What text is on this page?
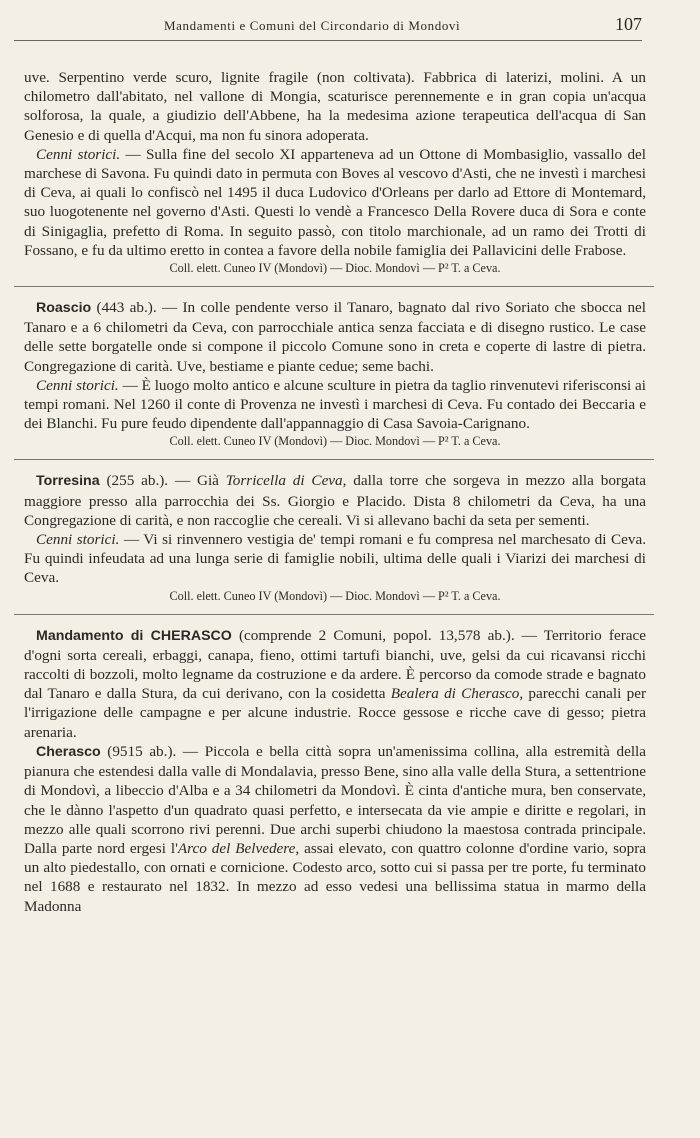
Mandamenti e Comuni del Circondario di Mondovì	107

uve. Serpentino verde scuro, lignite fragile (non coltivata). Fabbrica di laterizi, molini. A un chilometro dall'abitato, nel vallone di Mongia, scaturisce perennemente e in gran copia un'acqua solforosa, la quale, a giudizio dell'Abbene, ha la medesima azione terapeutica dell'acqua di San Genesio e di quella d'Acqui, ma non fu sinora adoperata.

Cenni storici. — Sulla fine del secolo XI apparteneva ad un Ottone di Mombasiglio, vassallo del marchese di Savona. Fu quindi dato in permuta con Boves al vescovo d'Asti, che ne investì i marchesi di Ceva, ai quali lo confiscò nel 1495 il duca Ludovico d'Orleans per darlo ad Ettore di Montemard, suo luogotenente nel governo d'Asti. Questi lo vendè a Francesco Della Rovere duca di Sora e conte di Sinigaglia, prefetto di Roma. In seguito passò, con titolo marchionale, ad un ramo dei Trotti di Fossano, e fu da ultimo eretto in contea a favore della nobile famiglia dei Pallavicini delle Frabose.

Coll. elett. Cuneo IV (Mondovì) — Dioc. Mondovì — P² T. a Ceva.

Roascio (443 ab.). — In colle pendente verso il Tanaro, bagnato dal rivo Soriato che sbocca nel Tanaro e a 6 chilometri da Ceva, con parrocchiale antica senza facciata e di disegno rustico. Le case delle sette borgatelle onde si compone il piccolo Comune sono in creta e coperte di lastre di pietra. Congregazione di carità. Uve, bestiame e piante cedue; seme bachi.

Cenni storici. — È luogo molto antico e alcune sculture in pietra da taglio rinvenutevi riferisconsi ai tempi romani. Nel 1260 il conte di Provenza ne investì i marchesi di Ceva. Fu contado dei Beccaria e dei Blanchi. Fu pure feudo dipendente dall'appannaggio di Casa Savoia-Carignano.

Coll. elett. Cuneo IV (Mondovì) — Dioc. Mondovì — P² T. a Ceva.

Torresina (255 ab.). — Già Torricella di Ceva, dalla torre che sorgeva in mezzo alla borgata maggiore presso alla parrocchia dei Ss. Giorgio e Placido. Dista 8 chilometri da Ceva, ha una Congregazione di carità, e non raccoglie che cereali. Vi si allevano bachi da seta per sementi.

Cenni storici. — Vi si rinvennero vestigia de' tempi romani e fu compresa nel marchesato di Ceva. Fu quindi infeudata ad una lunga serie di famiglie nobili, ultima delle quali i Viarizi dei marchesi di Ceva.

Coll. elett. Cuneo IV (Mondovì) — Dioc. Mondovì — P² T. a Ceva.

Mandamento di CHERASCO (comprende 2 Comuni, popol. 13,578 ab.). — Territorio ferace d'ogni sorta cereali, erbaggi, canapa, fieno, ottimi tartufi bianchi, uve, gelsi da cui ricavansi ricchi raccolti di bozzoli, molto legname da costruzione e da ardere. È percorso da comode strade e bagnato dal Tanaro e dalla Stura, da cui derivano, con la cosidetta Bealera di Cherasco, parecchi canali per l'irrigazione delle campagne e per alcune industrie. Rocce gessose e ricche cave di gesso; pietra arenaria.

Cherasco (9515 ab.). — Piccola e bella città sopra un'amenissima collina, alla estremità della pianura che estendesi dalla valle di Mondalavia, presso Bene, sino alla valle della Stura, a settentrione di Mondovì, a libeccio d'Alba e a 34 chilometri da Mondovì. È cinta d'antiche mura, ben conservate, che le dànno l'aspetto d'un quadrato quasi perfetto, e intersecata da vie ampie e diritte e regolari, in mezzo alle quali scorrono rivi perenni. Due archi superbi chiudono la maestosa contrada principale. Dalla parte nord ergesi l'Arco del Belvedere, assai elevato, con quattro colonne d'ordine vario, sopra un alto piedestallo, con ornati e cornicione. Codesto arco, sotto cui si passa per tre porte, fu terminato nel 1688 e restaurato nel 1832. In mezzo ad esso vedesi una bellissima statua in marmo della Madonna
